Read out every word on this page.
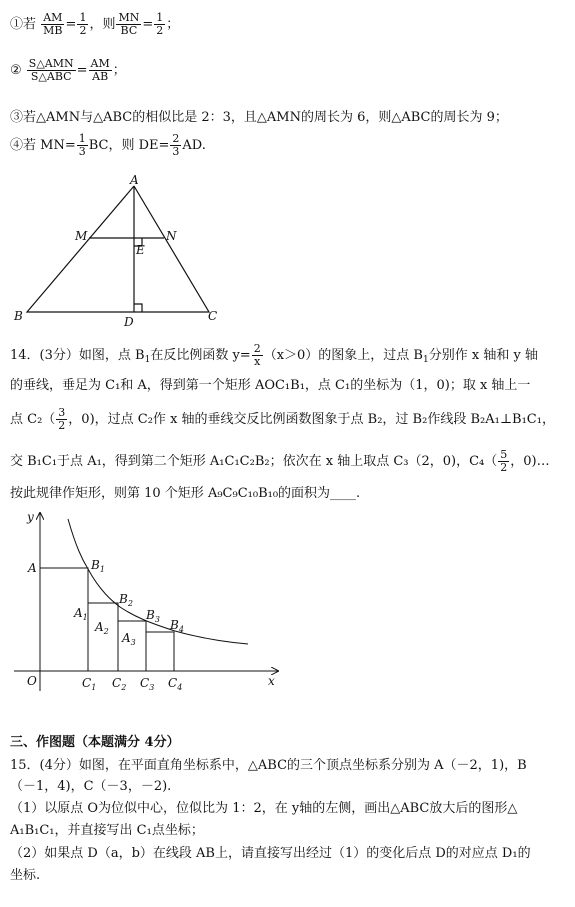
①若 $\frac{AM}{MB} = \frac{1}{2}$ ，则 $\frac{MN}{BC} = \frac{1}{2}$ ；
② $\frac{\text{S△AMN}}{\text{S△ABC}} = \frac{AM}{AB}$ ；
③若△AMN与△ABC的相似比是 2：3，且△AMN的周长为 6，则△ABC的周长为 9；
④若 $MN= \frac{1}{3}$ BC，则 $DE= \frac{2}{3}$ AD.
A
M
E
N
B	D	C
14．(3分）如图，点 $B_1$在反比例函数 $y= \frac{2}{x} (x>0)$的图象上，过点 $B_1$分别作 x 轴和 y 轴
的垂线，垂足为 C₁和 A，得到第一个矩形 AOC₁B₁，点 C₁的坐标为（1，0)；取 x 轴上一
点 $C_2( \frac{3}{2}$ ，0)，过点 C₂作 x 轴的垂线交反比例函数图象于点 B₂，过 B₂作线段 B₂A₁⊥B₁C₁，
交 B₁C₁于点 A₁，得到第二个矩形 A₁C₁C₂B₂；依次在 x 轴上取点 C₃（2，0)，$C_4( \frac{5}{2}$ ，0)…
按此规律作矩形，则第 10 个矩形 A₉C₉C₁₀B₁₀的面积为____.
y
x
O
A	$B_1$
$B_2$
$B_3$ $B_4$
$A_1$
$A_2$ $A_3$
$C_1$ $C_2$ $C_3$ $C_4$
三、作图题（本题满分 4分）
15．(4分）如图，在平面直角坐标系中，△ABC的三个顶点坐标系分别为 A（－2，1)，B
（－1，4)，C（－3，－2).
（1）以原点 O为位似中心，位似比为 1：2，在 y轴的左侧，画出△ABC放大后的图形△
A₁B₁C₁，并直接写出 C₁点坐标；
（2）如果点 D（a，b）在线段 AB上，请直接写出经过（1）的变化后点 D的对应点 D₁的
坐标.
